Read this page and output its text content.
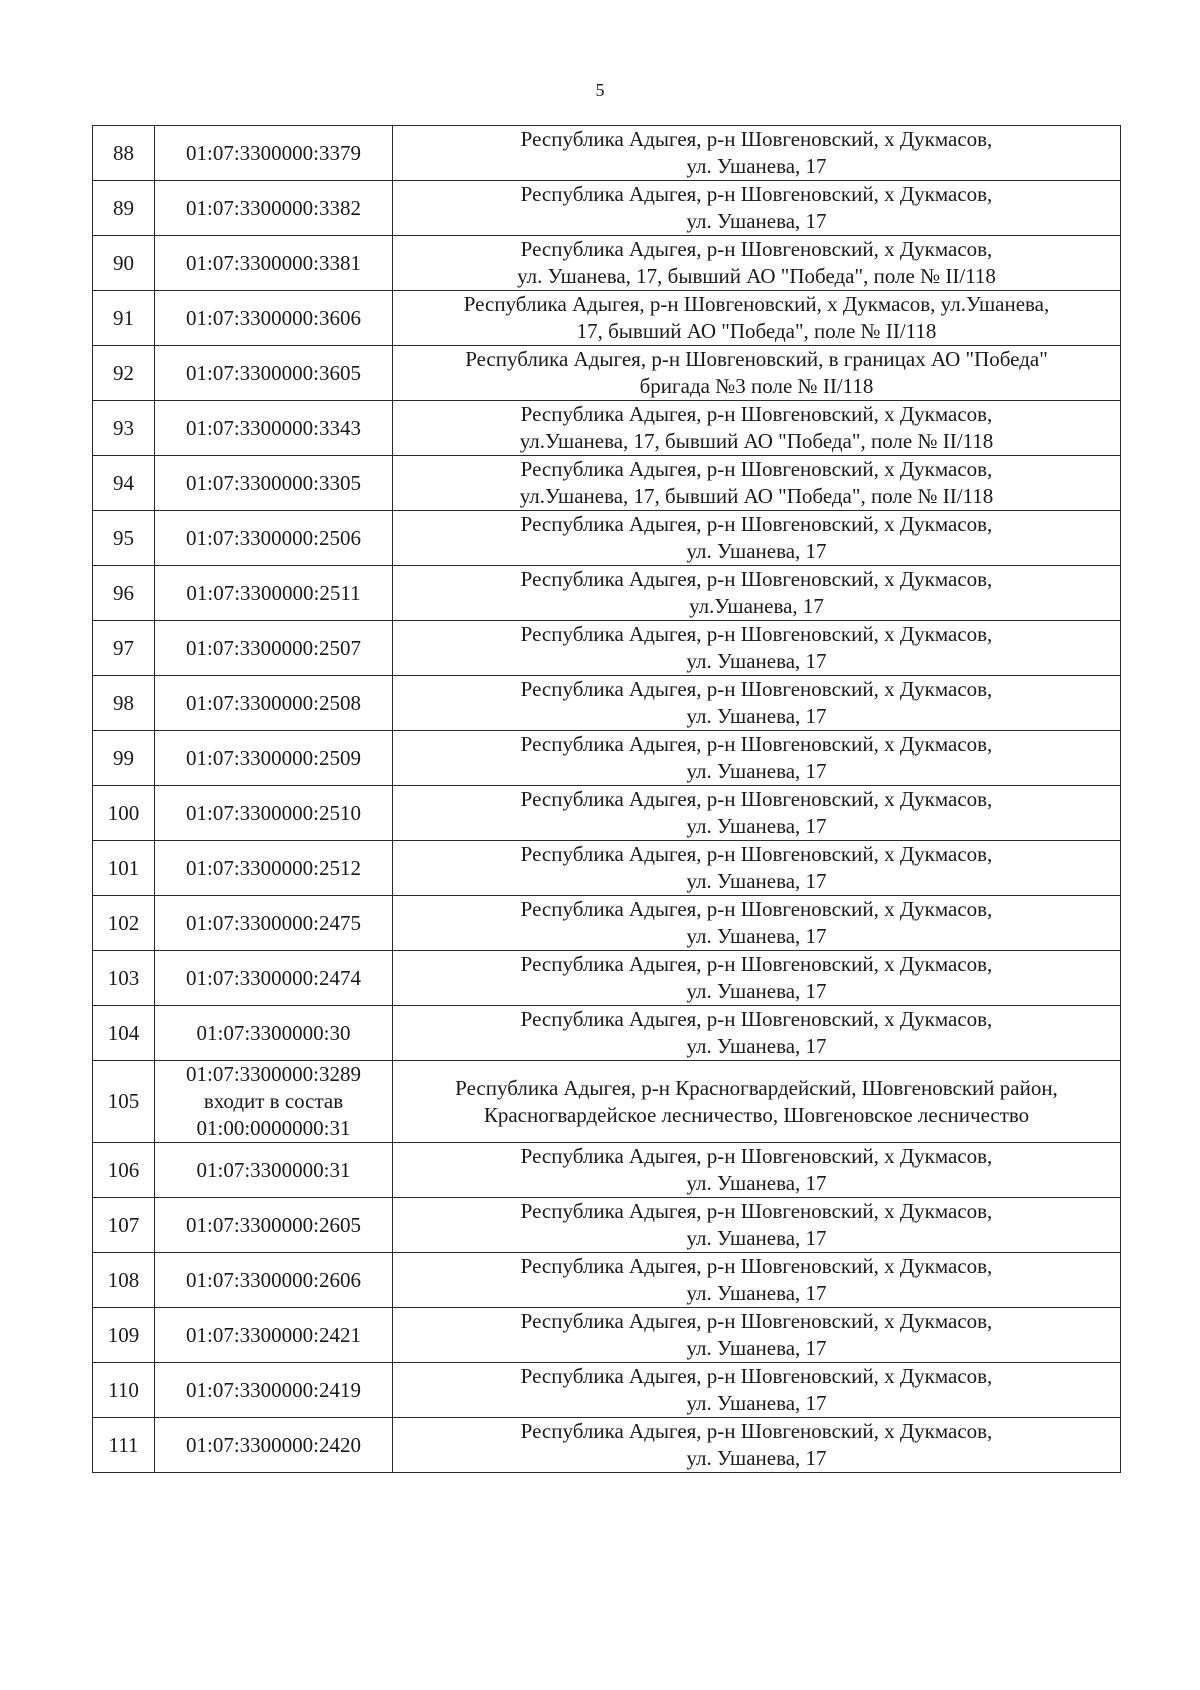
5
88	01:07:3300000:3379	Республика Адыгея, р-н Шовгеновский, х Дукмасов,
ул. Ушанева, 17

89	01:07:3300000:3382	Республика Адыгея, р-н Шовгеновский, х Дукмасов,
ул. Ушанева, 17

90	01:07:3300000:3381	Республика Адыгея, р-н Шовгеновский, х Дукмасов,
ул. Ушанева, 17, бывший АО "Победа", поле № II/118

91	01:07:3300000:3606	Республика Адыгея, р-н Шовгеновский, х Дукмасов, ул.Ушанева,
17, бывший АО "Победа", поле № II/118

92	01:07:3300000:3605	Республика Адыгея, р-н Шовгеновский, в границах АО "Победа"
бригада №3 поле № II/118

93	01:07:3300000:3343	Республика Адыгея, р-н Шовгеновский, х Дукмасов,
ул.Ушанева, 17, бывший АО "Победа", поле № II/118

94	01:07:3300000:3305	Республика Адыгея, р-н Шовгеновский, х Дукмасов,
ул.Ушанева, 17, бывший АО "Победа", поле № II/118

95	01:07:3300000:2506	Республика Адыгея, р-н Шовгеновский, х Дукмасов,
ул. Ушанева, 17

96	01:07:3300000:2511	Республика Адыгея, р-н Шовгеновский, х Дукмасов,
ул.Ушанева, 17

97	01:07:3300000:2507	Республика Адыгея, р-н Шовгеновский, х Дукмасов,
ул. Ушанева, 17

98	01:07:3300000:2508	Республика Адыгея, р-н Шовгеновский, х Дукмасов,
ул. Ушанева, 17

99	01:07:3300000:2509	Республика Адыгея, р-н Шовгеновский, х Дукмасов,
ул. Ушанева, 17

100	01:07:3300000:2510	Республика Адыгея, р-н Шовгеновский, х Дукмасов,
ул. Ушанева, 17

101	01:07:3300000:2512	Республика Адыгея, р-н Шовгеновский, х Дукмасов,
ул. Ушанева, 17

102	01:07:3300000:2475	Республика Адыгея, р-н Шовгеновский, х Дукмасов,
ул. Ушанева, 17

103	01:07:3300000:2474	Республика Адыгея, р-н Шовгеновский, х Дукмасов,
ул. Ушанева, 17

104	01:07:3300000:30	Республика Адыгея, р-н Шовгеновский, х Дукмасов,
ул. Ушанева, 17

105	01:07:3300000:3289
входит в состав
01:00:0000000:31	Республика Адыгея, р-н Красногвардейский, Шовгеновский район,
Красногвардейское лесничество, Шовгеновское лесничество

106	01:07:3300000:31	Республика Адыгея, р-н Шовгеновский, х Дукмасов,
ул. Ушанева, 17

107	01:07:3300000:2605	Республика Адыгея, р-н Шовгеновский, х Дукмасов,
ул. Ушанева, 17

108	01:07:3300000:2606	Республика Адыгея, р-н Шовгеновский, х Дукмасов,
ул. Ушанева, 17

109	01:07:3300000:2421	Республика Адыгея, р-н Шовгеновский, х Дукмасов,
ул. Ушанева, 17

110	01:07:3300000:2419	Республика Адыгея, р-н Шовгеновский, х Дукмасов,
ул. Ушанева, 17

111	01:07:3300000:2420	Республика Адыгея, р-н Шовгеновский, х Дукмасов,
ул. Ушанева, 17
